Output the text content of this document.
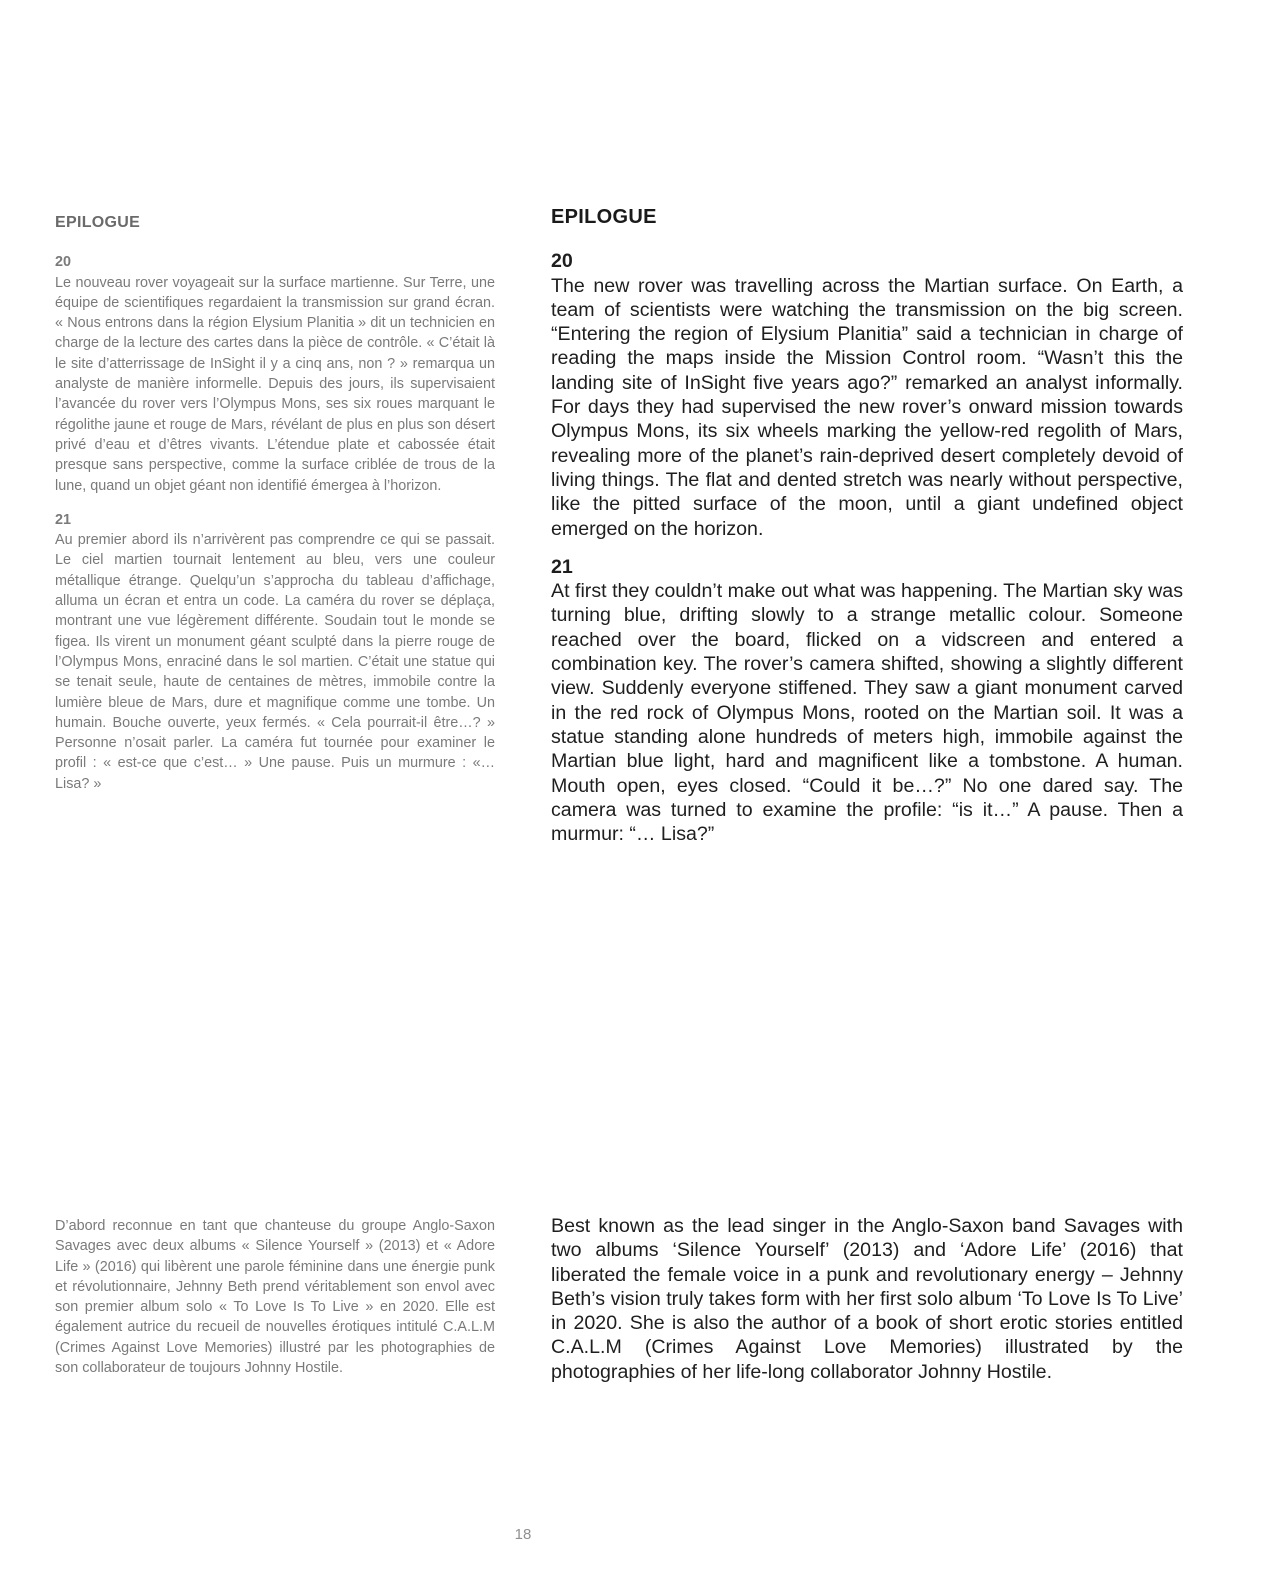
EPILOGUE
20

Le nouveau rover voyageait sur la surface martienne. Sur Terre, une équipe de scientifiques regardaient la transmission sur grand écran. « Nous entrons dans la région Elysium Planitia » dit un technicien en charge de la lecture des cartes dans la pièce de contrôle. « C’était là le site d’atterrissage de InSight il y a cinq ans, non ? » remarqua un analyste de manière informelle. Depuis des jours, ils supervisaient l’avancée du rover vers l’Olympus Mons, ses six roues marquant le régolithe jaune et rouge de Mars, révélant de plus en plus son désert privé d’eau et d’êtres vivants. L’étendue plate et cabossée était presque sans perspective, comme la surface criblée de trous de la lune, quand un objet géant non identifié émergea à l’horizon.

21

Au premier abord ils n’arrivèrent pas comprendre ce qui se passait. Le ciel martien tournait lentement au bleu, vers une couleur métallique étrange. Quelqu’un s’approcha du tableau d’affichage, alluma un écran et entra un code. La caméra du rover se déplaça, montrant une vue légèrement différente. Soudain tout le monde se figea. Ils virent un monument géant sculpté dans la pierre rouge de l’Olympus Mons, enraciné dans le sol martien. C’était une statue qui se tenait seule, haute de centaines de mètres, immobile contre la lumière bleue de Mars, dure et magnifique comme une tombe. Un humain. Bouche ouverte, yeux fermés. « Cela pourrait-il être…? » Personne n’osait parler. La caméra fut tournée pour examiner le profil : « est-ce que c’est… » Une pause. Puis un murmure : «… Lisa? »

EPILOGUE
20

The new rover was travelling across the Martian surface. On Earth, a team of scientists were watching the transmission on the big screen. “Entering the region of Elysium Planitia” said a technician in charge of reading the maps inside the Mission Control room. “Wasn’t this the landing site of InSight five years ago?” remarked an analyst informally. For days they had supervised the new rover’s onward mission towards Olympus Mons, its six wheels marking the yellow-red regolith of Mars, revealing more of the planet’s rain-deprived desert completely devoid of living things. The flat and dented stretch was nearly without perspective, like the pitted surface of the moon, until a giant undefined object emerged on the horizon.

21

At first they couldn’t make out what was happening. The Martian sky was turning blue, drifting slowly to a strange metallic colour. Someone reached over the board, flicked on a vidscreen and entered a combination key. The rover’s camera shifted, showing a slightly different view. Suddenly everyone stiffened. They saw a giant monument carved in the red rock of Olympus Mons, rooted on the Martian soil. It was a statue standing alone hundreds of meters high, immobile against the Martian blue light, hard and magnificent like a tombstone. A human. Mouth open, eyes closed. “Could it be…?” No one dared say. The camera was turned to examine the profile: “is it…” A pause. Then a murmur: “… Lisa?”

D’abord reconnue en tant que chanteuse du groupe Anglo-Saxon Savages avec deux albums « Silence Yourself » (2013) et « Adore Life » (2016) qui libèrent une parole féminine dans une énergie punk et révolutionnaire, Jehnny Beth prend véritablement son envol avec son premier album solo « To Love Is To Live » en 2020. Elle est également autrice du recueil de nouvelles érotiques intitulé C.A.L.M (Crimes Against Love Memories) illustré par les photographies de son collaborateur de toujours Johnny Hostile.

Best known as the lead singer in the Anglo-Saxon band Savages with two albums ‘Silence Yourself’ (2013) and ‘Adore Life’ (2016) that liberated the female voice in a punk and revolutionary energy – Jehnny Beth’s vision truly takes form with her first solo album ‘To Love Is To Live’ in 2020. She is also the author of a book of short erotic stories entitled C.A.L.M (Crimes Against Love Memories) illustrated by the photographies of her life-long collaborator Johnny Hostile.

18
